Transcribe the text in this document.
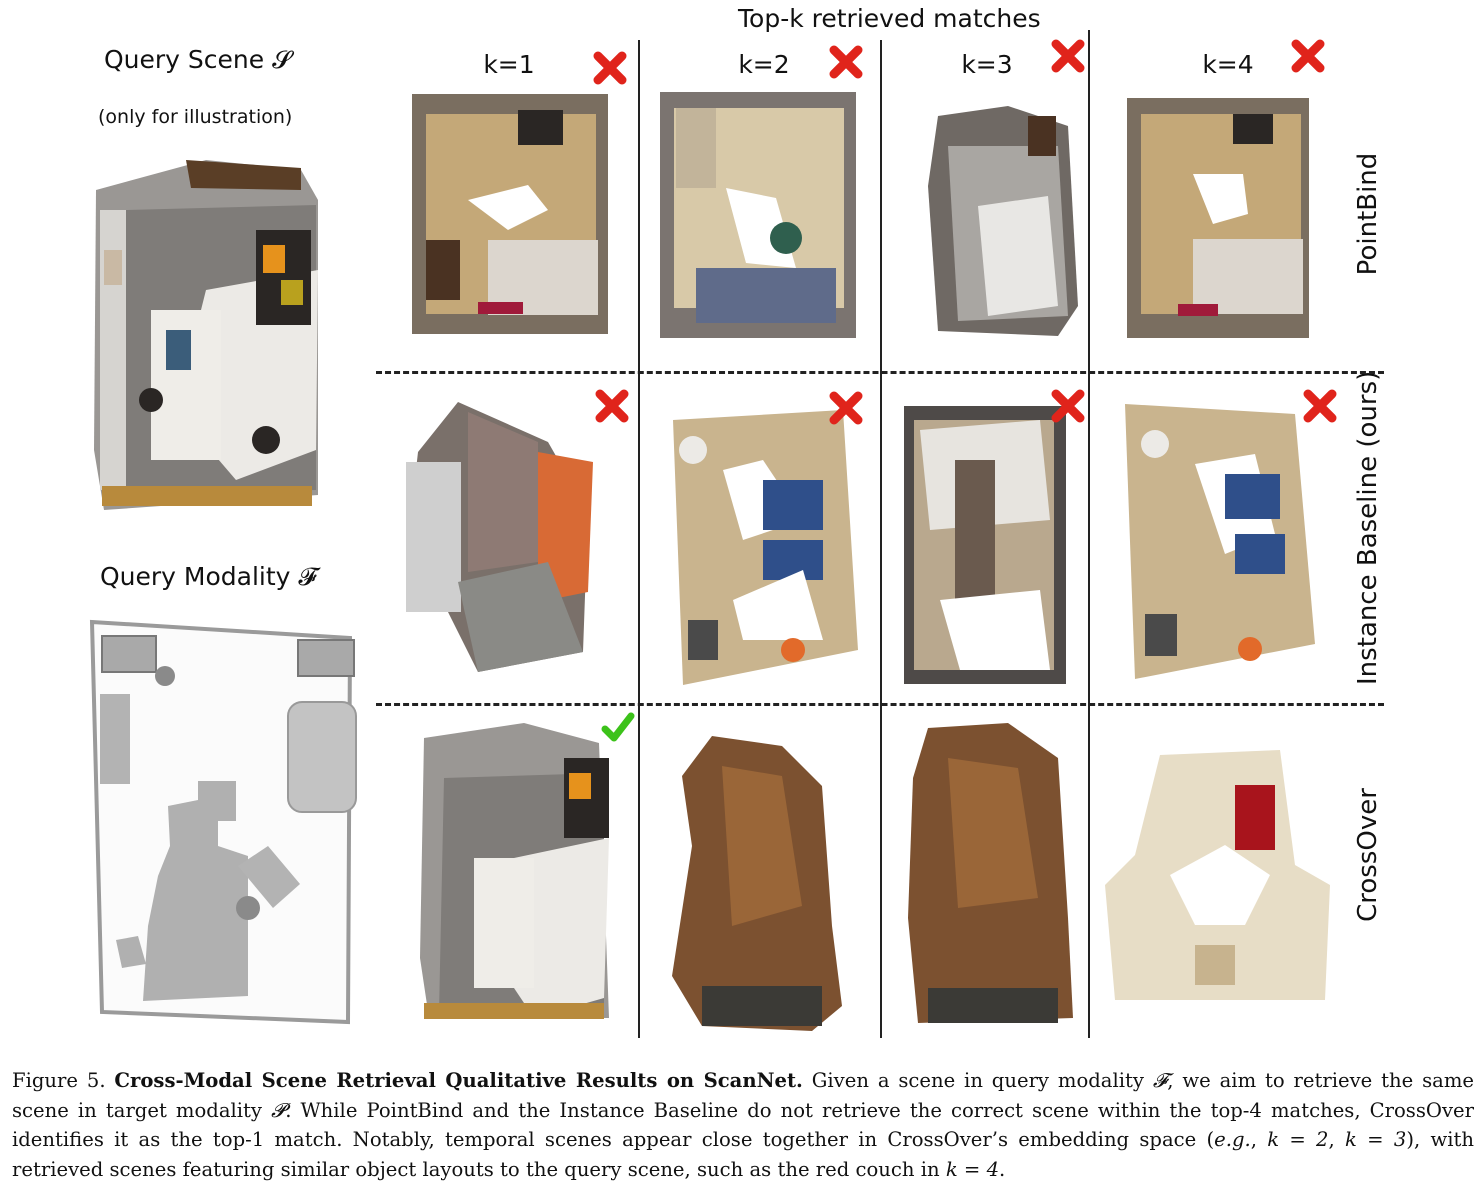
Top-k retrieved matches
Query Scene 𝓢
(only for illustration)
Query Modality 𝓕
k=1	k=2	k=3	k=4
PointBind
Instance Baseline (ours)
CrossOver
Figure 5. Cross-Modal Scene Retrieval Qualitative Results on ScanNet. Given a scene in query modality 𝓕, we aim to retrieve the same scene in target modality 𝓟. While PointBind and the Instance Baseline do not retrieve the correct scene within the top-4 matches, CrossOver identifies it as the top-1 match. Notably, temporal scenes appear close together in CrossOver’s embedding space (e.g., k = 2, k = 3), with retrieved scenes featuring similar object layouts to the query scene, such as the red couch in k = 4.
